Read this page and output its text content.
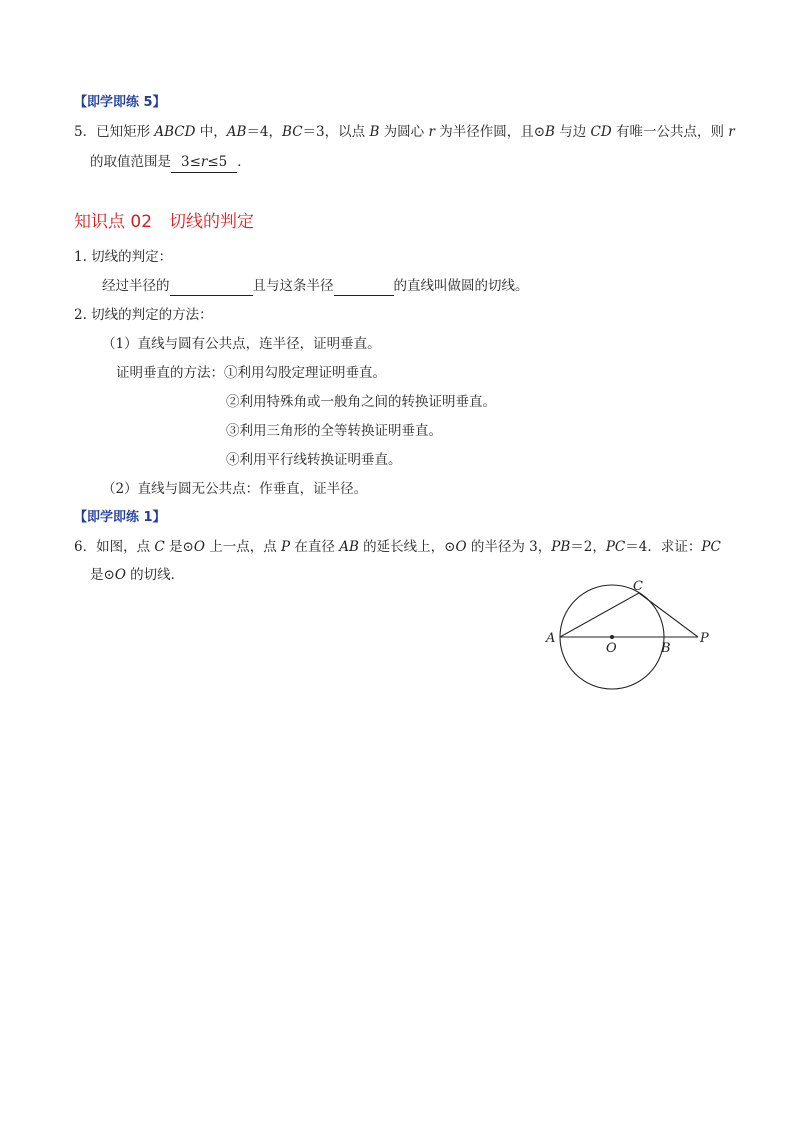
【即学即练 5】
5．已知矩形 ABCD 中，AB＝4，BC＝3，以点 B 为圆心 r 为半径作圆，且⊙B 与边 CD 有唯一公共点，则 r
的取值范围是 3≤r≤5 ．
知识点 02　切线的判定
1. 切线的判定：
经过半径的	且与这条半径	的直线叫做圆的切线。
2. 切线的判定的方法：
（1）直线与圆有公共点，连半径，证明垂直。
证明垂直的方法：①利用勾股定理证明垂直。
②利用特殊角或一般角之间的转换证明垂直。
③利用三角形的全等转换证明垂直。
④利用平行线转换证明垂直。
（2）直线与圆无公共点：作垂直，证半径。
【即学即练 1】
6．如图，点 C 是⊙O 上一点，点 P 在直径 AB 的延长线上，⊙O 的半径为 3，PB＝2，PC＝4．求证：PC
是⊙O 的切线．
A
O	B
C
P
